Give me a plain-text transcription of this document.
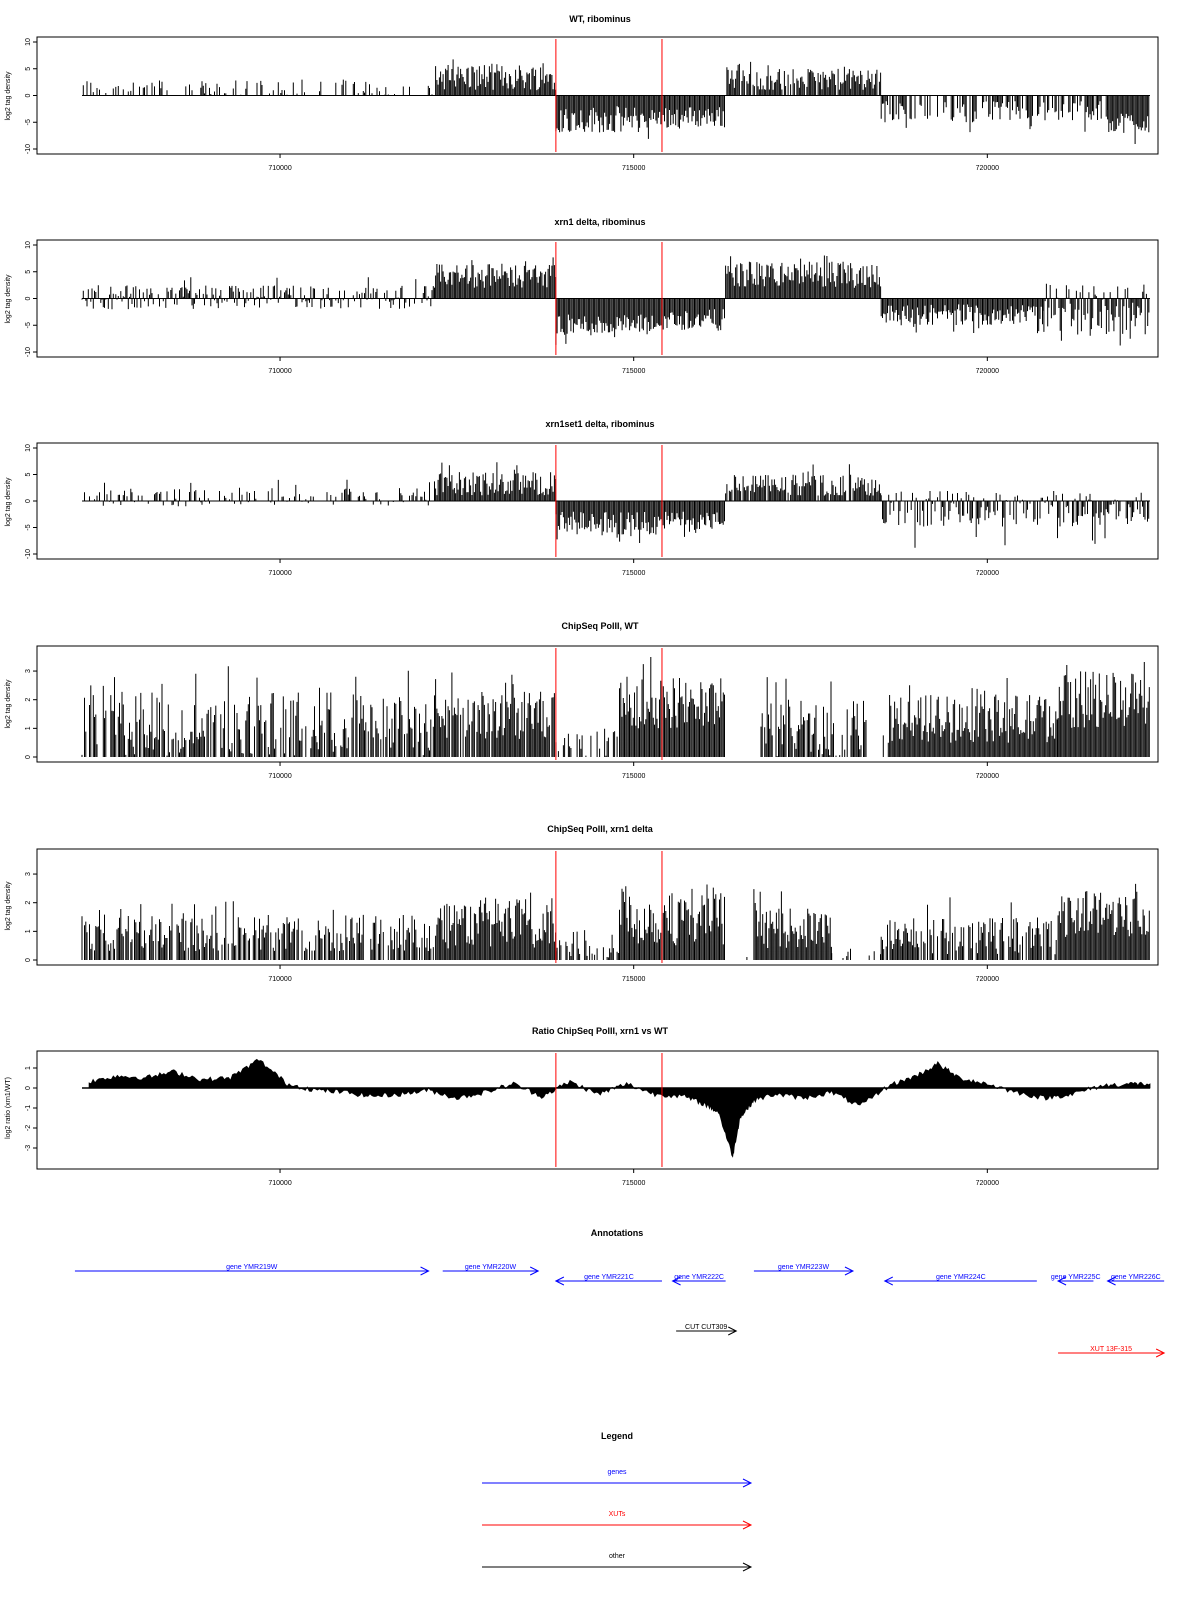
WT, ribominus
log2 tag density
-10
-5
0
5
10
710000	715000	720000
xrn1 delta, ribominus
log2 tag density
-10
-5
0
5
10
710000	715000	720000
xrn1set1 delta, ribominus
log2 tag density
-10
-5
0
5
10
710000	715000	720000
ChipSeq PolII, WT
log2 tag density
0
1
2
3
710000	715000	720000
ChipSeq PolII, xrn1 delta
log2 tag density
0
1
2
3
710000	715000	720000
Ratio ChipSeq PolII, xrn1 vs WT
log2 ratio (xrn1/WT)
-3
-2
-1
0
1
710000	715000	720000
Annotations
gene YMR219W	gene YMR220W	gene YMR223W
gene YMR221C	gene YMR222C	gene YMR224C	gene YMR225C gene YMR226C
CUT CUT309
XUT 13F-315
Legend
genes
XUTs
other
